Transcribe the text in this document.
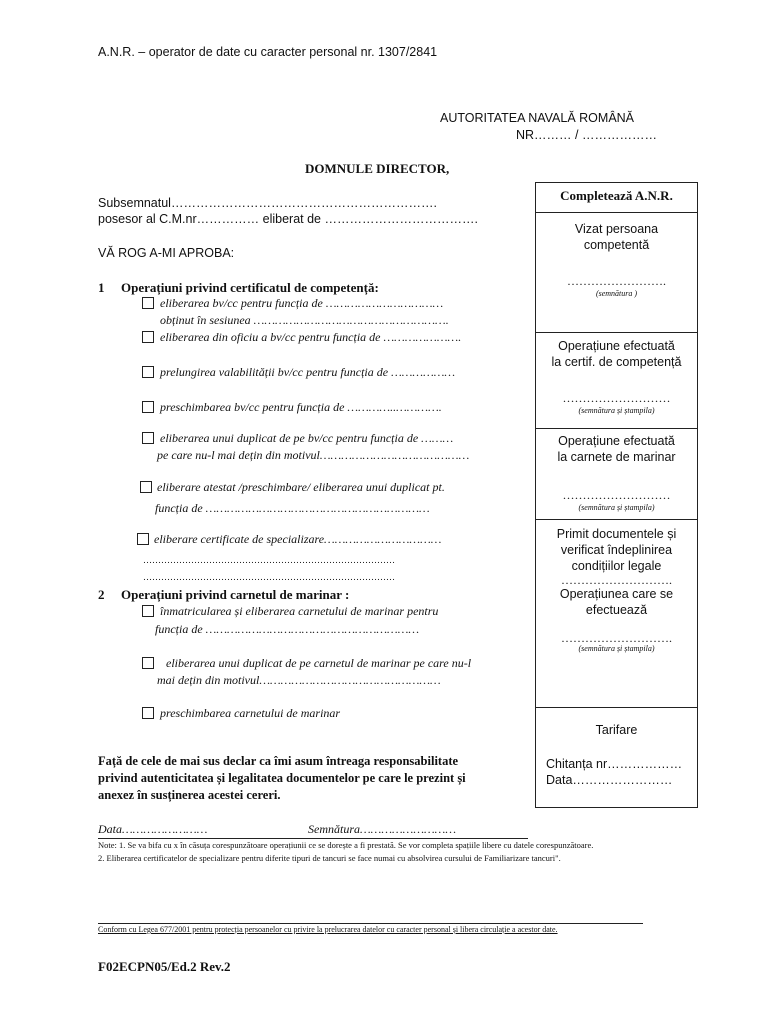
A.N.R. – operator de date cu caracter personal nr. 1307/2841
AUTORITATEA NAVALĂ ROMÂNĂ
NR……… / ………………
DOMNULE DIRECTOR,
Subsemnatul……………………………………………………….
posesor al C.M.nr…………… eliberat de ……………………………….
VĂ ROG A-MI APROBA:
1 Operațiuni privind certificatul de competență:
eliberarea bv/cc pentru funcția de ……………………………
obținut în sesiunea ……………………………………………….
eliberarea din oficiu a bv/cc pentru funcția de ………………….
prelungirea valabilității bv/cc pentru funcția de ………………
preschimbarea bv/cc pentru funcția de …………..………….
eliberarea unui duplicat de pe bv/cc pentru funcția de ………
pe care nu-l mai dețin din motivul……………………………………
eliberare atestat /preschimbare/ eliberarea unui duplicat pt.
funcția de ………………………………………………………
eliberare certificate de specializare……………………………
…………………………………………………………………………
…………………………………………………………………………
2 Operațiuni privind carnetul de marinar :
înmatricularea și eliberarea carnetului de marinar pentru
funcția de ……………………………………………………
eliberarea unui duplicat de pe carnetul de marinar pe care nu-l
mai dețin din motivul……………………………………………
preschimbarea carnetului de marinar
Față de cele de mai sus declar ca îmi asum întreaga responsabilitate
privind autenticitatea și legalitatea documentelor pe care le prezint și
anexez în susținerea acestei cereri.
Data……………………	Semnătura………………………
Note: 1. Se va bifa cu x în căsuța corespunzătoare operațiunii ce se dorește a fi prestată. Se vor completa spațiile libere cu datele corespunzătoare.
2. Eliberarea certificatelor de specializare pentru diferite tipuri de tancuri se face numai cu absolvirea cursului de Familiarizare tancuri".
Conform cu Legea 677/2001 pentru protecția persoanelor cu privire la prelucrarea datelor cu caracter personal și libera circulație a acestor date.
F02ECPN05/Ed.2 Rev.2
Completează A.N.R.
Vizat persoana
competentă
…………………….
(semnătura )
Operațiune efectuată
la certif. de competență
………………………
(semnătura și ștampila)
Operațiune efectuată
la carnete de marinar
………………………
(semnătura și ștampila)
Primit documentele și
verificat îndeplinirea
condițiilor legale
……………………….
Operațiunea care se
efectuează
……………………….
(semnătura și ștampila)
Tarifare
Chitanța nr………………
Data……………………
